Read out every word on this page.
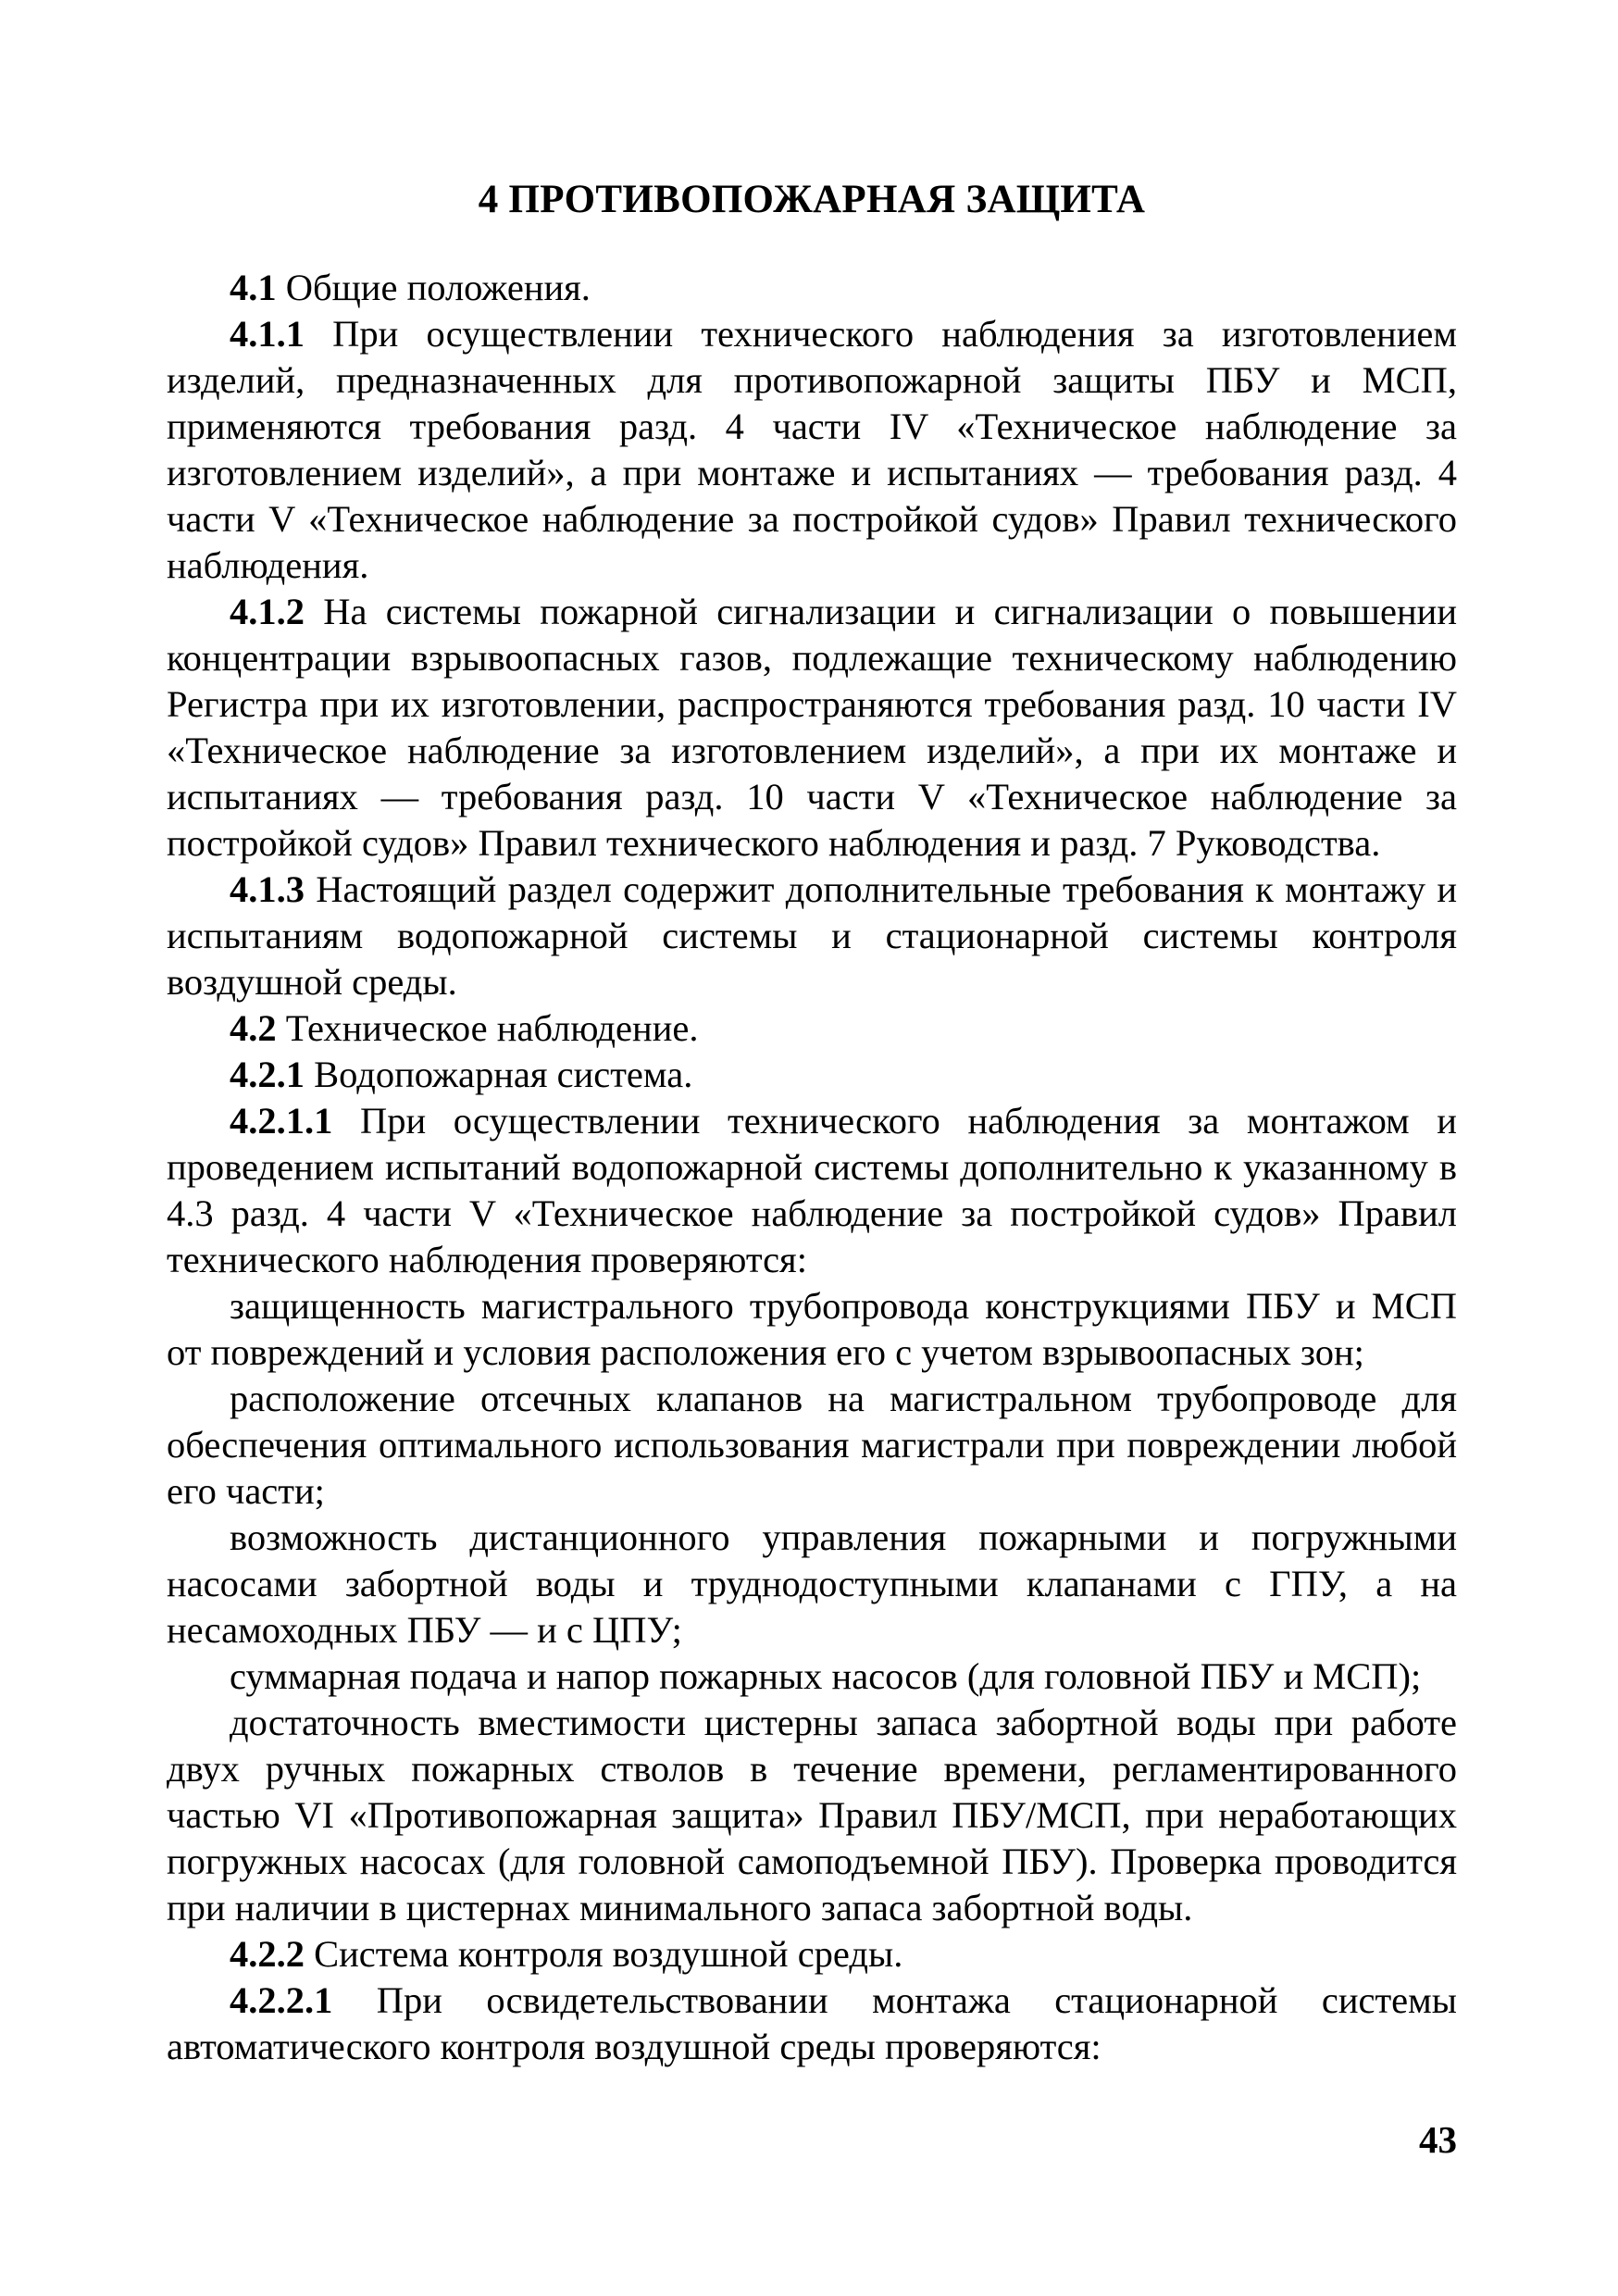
4 ПРОТИВОПОЖАРНАЯ ЗАЩИТА

4.1 Общие положения.

4.1.1 При осуществлении технического наблюдения за изготовлением изделий, предназначенных для противопожарной защиты ПБУ и МСП, применяются требования разд. 4 части IV «Техническое наблюдение за изготовлением изделий», а при монтаже и испытаниях — требования разд. 4 части V «Техническое наблюдение за постройкой судов» Правил технического наблюдения.

4.1.2 На системы пожарной сигнализации и сигнализации о повышении концентрации взрывоопасных газов, подлежащие техническому наблюдению Регистра при их изготовлении, распространяются требования разд. 10 части IV «Техническое наблюдение за изготовлением изделий», а при их монтаже и испытаниях — требования разд. 10 части V «Техническое наблюдение за постройкой судов» Правил технического наблюдения и разд. 7 Руководства.

4.1.3 Настоящий раздел содержит дополнительные требования к монтажу и испытаниям водопожарной системы и стационарной системы контроля воздушной среды.

4.2 Техническое наблюдение.

4.2.1 Водопожарная система.

4.2.1.1 При осуществлении технического наблюдения за монтажом и проведением испытаний водопожарной системы дополнительно к указанному в 4.3 разд. 4 части V «Техническое наблюдение за постройкой судов» Правил технического наблюдения проверяются:

защищенность магистрального трубопровода конструкциями ПБУ и МСП от повреждений и условия расположения его с учетом взрывоопасных зон;

расположение отсечных клапанов на магистральном трубопроводе для обеспечения оптимального использования магистрали при повреждении любой его части;

возможность дистанционного управления пожарными и погружными насосами забортной воды и труднодоступными клапанами с ГПУ, а на несамоходных ПБУ — и с ЦПУ;

суммарная подача и напор пожарных насосов (для головной ПБУ и МСП);

достаточность вместимости цистерны запаса забортной воды при работе двух ручных пожарных стволов в течение времени, регламентированного частью VI «Противопожарная защита» Правил ПБУ/МСП, при неработающих погружных насосах (для головной самоподъемной ПБУ). Проверка проводится при наличии в цистернах минимального запаса забортной воды.

4.2.2 Система контроля воздушной среды.

4.2.2.1 При освидетельствовании монтажа стационарной системы автоматического контроля воздушной среды проверяются:

43
